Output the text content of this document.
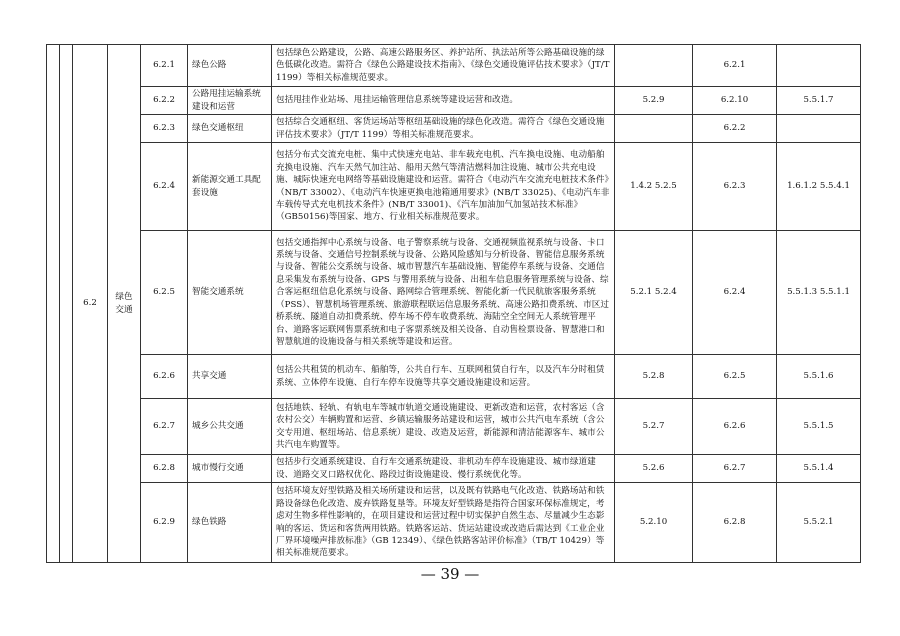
		6.2	绿色交通	6.2.1	绿色公路	包括绿色公路建设，公路、高速公路服务区、养护站所、执法站所等公路基础设施的绿色低碳化改造。需符合《绿色公路建设技术指南》、《绿色交通设施评估技术要求》（JT/T 1199）等相关标准规范要求。		6.2.1	
				6.2.2	公路甩挂运输系统建设和运营	包括甩挂作业站场、甩挂运输管理信息系统等建设运营和改造。	5.2.9	6.2.10	5.5.1.7
				6.2.3	绿色交通枢纽	包括综合交通枢纽、客货运场站等枢纽基础设施的绿色化改造。需符合《绿色交通设施评估技术要求》（JT/T 1199）等相关标准规范要求。		6.2.2	
				6.2.4	新能源交通工具配套设施	包括分布式交流充电桩、集中式快速充电站、非车载充电机、汽车换电设施、电动船舶充换电设施、汽车天然气加注站、船用天然气等清洁燃料加注设施、城市公共充电设施、城际快速充电网络等基础设施建设和运营。需符合《电动汽车交流充电桩技术条件》（NB/T 33002）、《电动汽车快速更换电池箱通用要求》(NB/T 33025)、《电动汽车非车载传导式充电机技术条件》(NB/T 33001)、《汽车加油加气加氢站技术标准》（GB50156)等国家、地方、行业相关标准规范要求。	1.4.2 5.2.5	6.2.3	1.6.1.2 5.5.4.1
				6.2.5	智能交通系统	包括交通指挥中心系统与设备、电子警察系统与设备、交通视频监视系统与设备、卡口系统与设备、交通信号控制系统与设备、公路风险感知与分析设备、智能信息服务系统与设备、智能公交系统与设备、城市智慧汽车基础设施、智能停车系统与设备、交通信息采集发布系统与设备、GPS 与警用系统与设备、出租车信息服务管理系统与设备、综合客运枢纽信息化系统与设备、路网综合管理系统、智能化新一代民航旅客服务系统（PSS）、智慧机场管理系统、旅游联程联运信息服务系统、高速公路扣费系统、市区过桥系统、隧道自动扣费系统、停车场不停车收费系统、海陆空全空间无人系统管理平台、道路客运联网售票系统和电子客票系统及相关设备、自动售检票设备、智慧港口和智慧航道的设施设备与相关系统等建设和运营。	5.2.1 5.2.4	6.2.4	5.5.1.3 5.5.1.1
				6.2.6	共享交通	包括公共租赁的机动车、船舶等，公共自行车、互联网租赁自行车，以及汽车分时租赁系统、立体停车设施、自行车停车设施等共享交通设施建设和运营。	5.2.8	6.2.5	5.5.1.6
				6.2.7	城乡公共交通	包括地铁、轻轨、有轨电车等城市轨道交通设施建设、更新改造和运营，农村客运（含农村公交）车辆购置和运营、乡镇运输服务站建设和运营，城市公共汽电车系统（含公交专用道、枢纽场站、信息系统）建设、改造及运营，新能源和清洁能源客车、城市公共汽电车购置等。	5.2.7	6.2.6	5.5.1.5
				6.2.8	城市慢行交通	包括步行交通系统建设、自行车交通系统建设、非机动车停车设施建设、城市绿道建设、道路交叉口路权优化、路段过街设施建设、慢行系统优化等。	5.2.6	6.2.7	5.5.1.4
				6.2.9	绿色铁路	包括环境友好型铁路及相关场所建设和运营，以及既有铁路电气化改造、铁路场站和铁路设备绿色化改造、废弃铁路复垦等。环境友好型铁路是指符合国家环保标准规定，考虑对生物多样性影响的，在项目建设和运营过程中切实保护自然生态、尽量减少生态影响的客运、货运和客货两用铁路。铁路客运站、货运站建设或改造后需达到《工业企业厂界环境噪声排放标准》（GB 12349）、《绿色铁路客站评价标准》（TB/T 10429）等相关标准规范要求。	5.2.10	6.2.8	5.5.2.1
— 39 —
